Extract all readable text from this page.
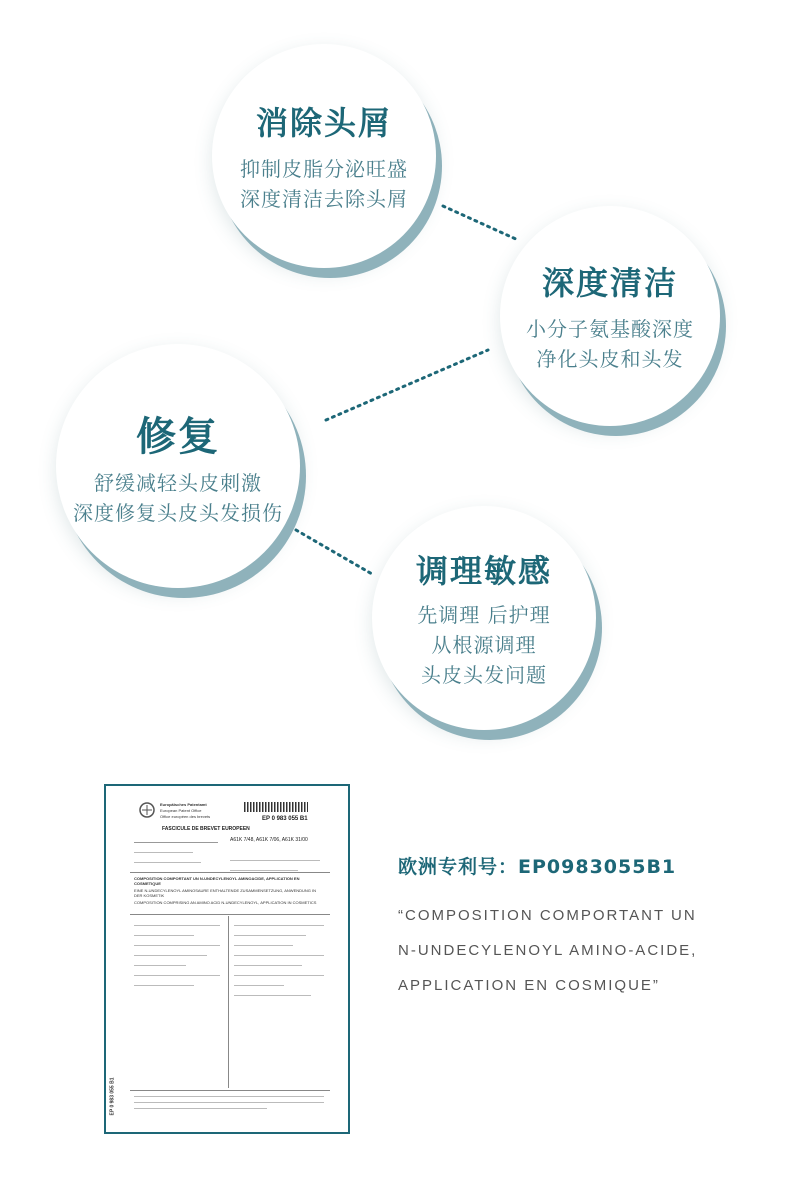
消除头屑
抑制皮脂分泌旺盛
深度清洁去除头屑
深度清洁
小分子氨基酸深度
净化头皮和头发
修复
舒缓减轻头皮刺激
深度修复头皮头发损伤
调理敏感
先调理 后护理
从根源调理
头皮头发问题
Europäisches Patentamt
European Patent Office
Office européen des brevets	EP 0 983 055 B1
FASCICULE DE BREVET EUROPEEN
A61K 7/48, A61K 7/06, A61K 31/00
COMPOSITION COMPORTANT UN N-UNDECYLENOYL AMINOACIDE, APPLICATION EN COSMETIQUE
EINE N-UNDECYLENOYL AMINOSAURE ENTHALTENDE ZUSAMMENSETZUNG, ANWENDUNG IN DER KOSMETIK
COMPOSITION COMPRISING AN AMINO ACID N-UNDECYLENOYL, APPLICATION IN COSMETICS
EP 0 983 055 B1
欧洲专利号：EP0983055B1
“COMPOSITION COMPORTANT UN N-UNDECYLENOYL AMINO-ACIDE, APPLICATION EN COSMIQUE”
